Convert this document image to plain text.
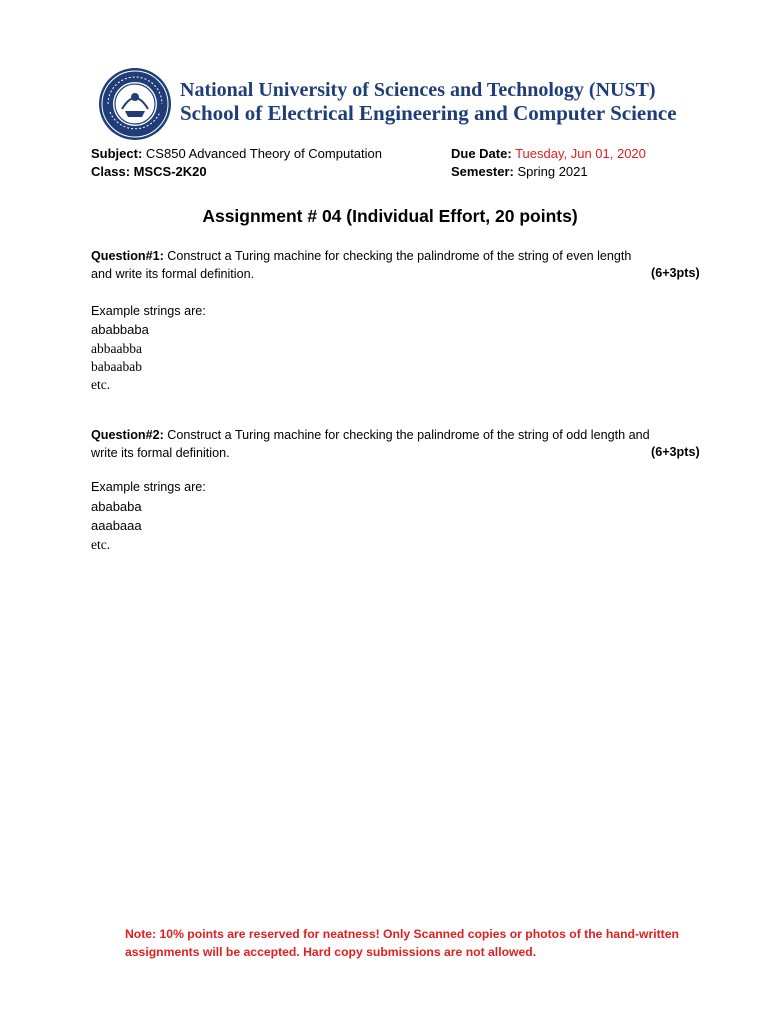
National University of Sciences and Technology (NUST)
School of Electrical Engineering and Computer Science
Subject: CS850 Advanced Theory of Computation
Class: MSCS-2K20
Due Date: Tuesday, Jun 01, 2020
Semester: Spring 2021
Assignment # 04 (Individual Effort, 20 points)
Question#1: Construct a Turing machine for checking the palindrome of the string of even length
and write its formal definition.	(6+3pts)
Example strings are:
ababbaba
abbaabba
babaabab
etc.
Question#2: Construct a Turing machine for checking the palindrome of the string of odd length and
write its formal definition.	(6+3pts)
Example strings are:
abababa
aaabaaa
etc.
Note: 10% points are reserved for neatness! Only Scanned copies or photos of the hand-written assignments will be accepted. Hard copy submissions are not allowed.
